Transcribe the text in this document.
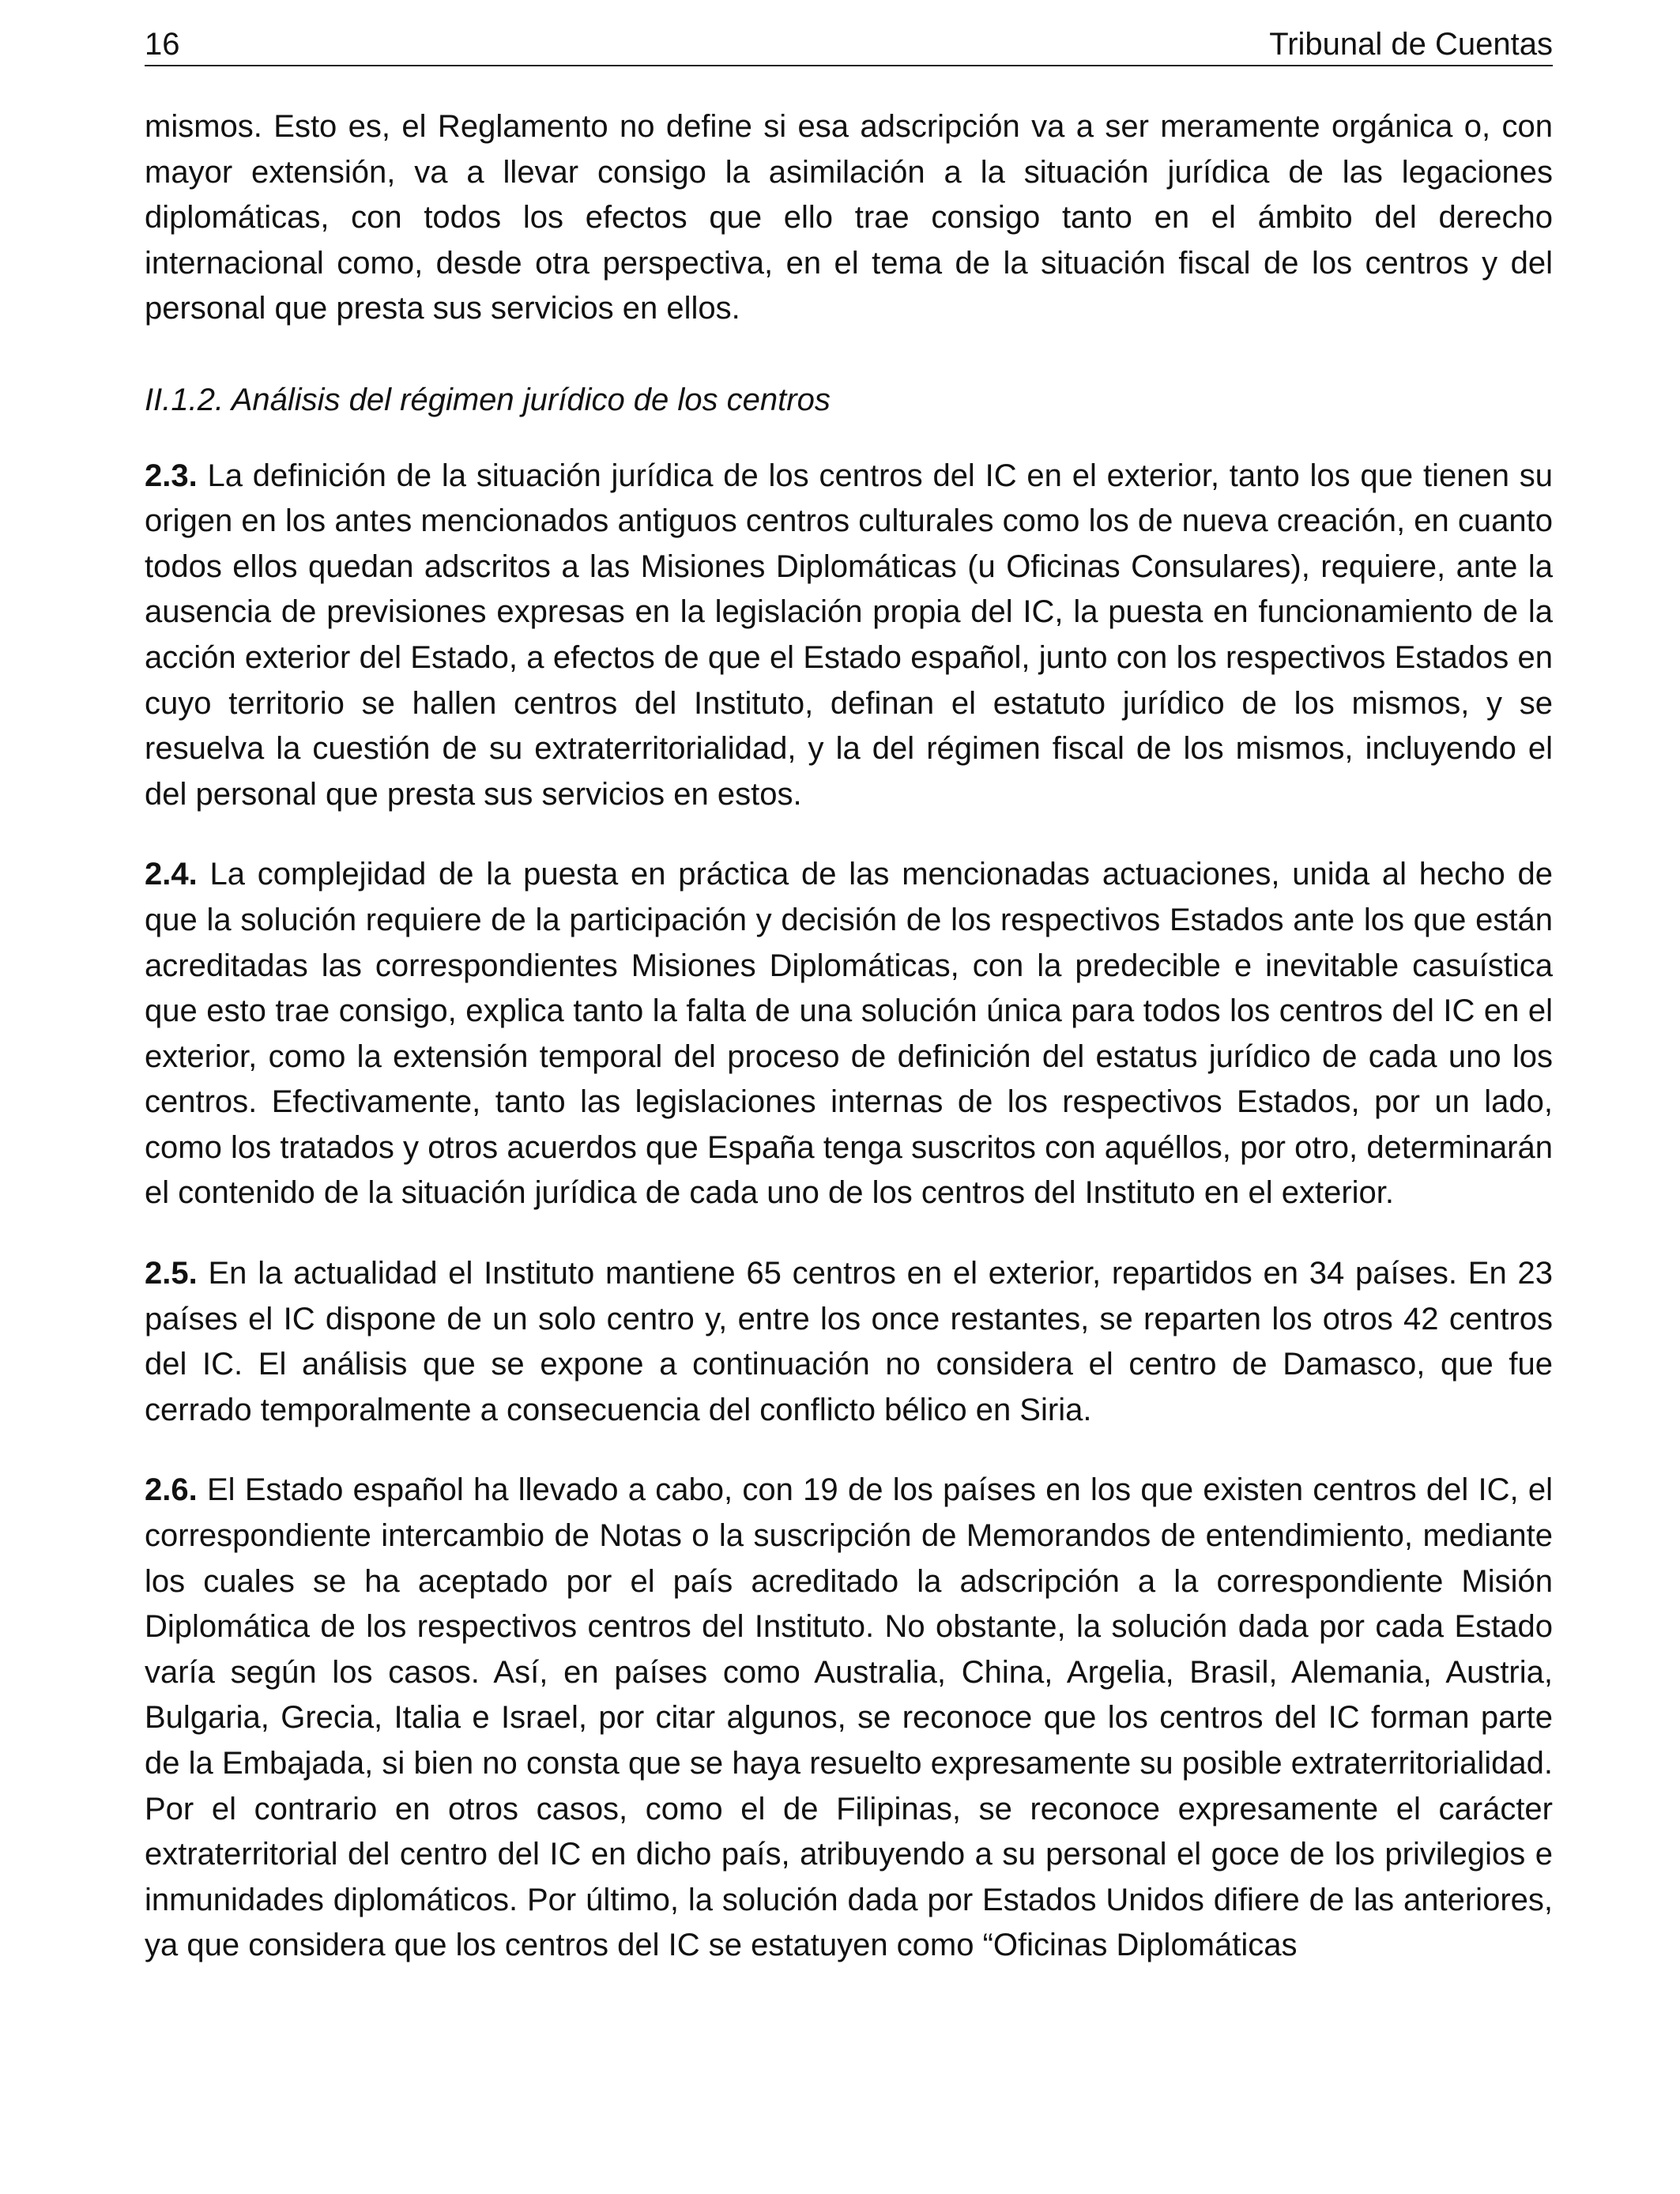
16	Tribunal de Cuentas

mismos. Esto es, el Reglamento no define si esa adscripción va a ser meramente orgánica o, con mayor extensión, va a llevar consigo la asimilación a la situación jurídica de las legaciones diplomáticas, con todos los efectos que ello trae consigo tanto en el ámbito del derecho internacional como, desde otra perspectiva, en el tema de la situación fiscal de los centros y del personal que presta sus servicios en ellos.

II.1.2. Análisis del régimen jurídico de los centros

2.3. La definición de la situación jurídica de los centros del IC en el exterior, tanto los que tienen su origen en los antes mencionados antiguos centros culturales como los de nueva creación, en cuanto todos ellos quedan adscritos a las Misiones Diplomáticas (u Oficinas Consulares), requiere, ante la ausencia de previsiones expresas en la legislación propia del IC, la puesta en funcionamiento de la acción exterior del Estado, a efectos de que el Estado español, junto con los respectivos Estados en cuyo territorio se hallen centros del Instituto, definan el estatuto jurídico de los mismos, y se resuelva la cuestión de su extraterritorialidad, y la del régimen fiscal de los mismos, incluyendo el del personal que presta sus servicios en estos.

2.4. La complejidad de la puesta en práctica de las mencionadas actuaciones, unida al hecho de que la solución requiere de la participación y decisión de los respectivos Estados ante los que están acreditadas las correspondientes Misiones Diplomáticas, con la predecible e inevitable casuística que esto trae consigo, explica tanto la falta de una solución única para todos los centros del IC en el exterior, como la extensión temporal del proceso de definición del estatus jurídico de cada uno los centros. Efectivamente, tanto las legislaciones internas de los respectivos Estados, por un lado, como los tratados y otros acuerdos que España tenga suscritos con aquéllos, por otro, determinarán el contenido de la situación jurídica de cada uno de los centros del Instituto en el exterior.

2.5. En la actualidad el Instituto mantiene 65 centros en el exterior, repartidos en 34 países. En 23 países el IC dispone de un solo centro y, entre los once restantes, se reparten los otros 42 centros del IC. El análisis que se expone a continuación no considera el centro de Damasco, que fue cerrado temporalmente a consecuencia del conflicto bélico en Siria.

2.6. El Estado español ha llevado a cabo, con 19 de los países en los que existen centros del IC, el correspondiente intercambio de Notas o la suscripción de Memorandos de entendimiento, mediante los cuales se ha aceptado por el país acreditado la adscripción a la correspondiente Misión Diplomática de los respectivos centros del Instituto. No obstante, la solución dada por cada Estado varía según los casos. Así, en países como Australia, China, Argelia, Brasil, Alemania, Austria, Bulgaria, Grecia, Italia e Israel, por citar algunos, se reconoce que los centros del IC forman parte de la Embajada, si bien no consta que se haya resuelto expresamente su posible extraterritorialidad. Por el contrario en otros casos, como el de Filipinas, se reconoce expresamente el carácter extraterritorial del centro del IC en dicho país, atribuyendo a su personal el goce de los privilegios e inmunidades diplomáticos. Por último, la solución dada por Estados Unidos difiere de las anteriores, ya que considera que los centros del IC se estatuyen como “Oficinas Diplomáticas
